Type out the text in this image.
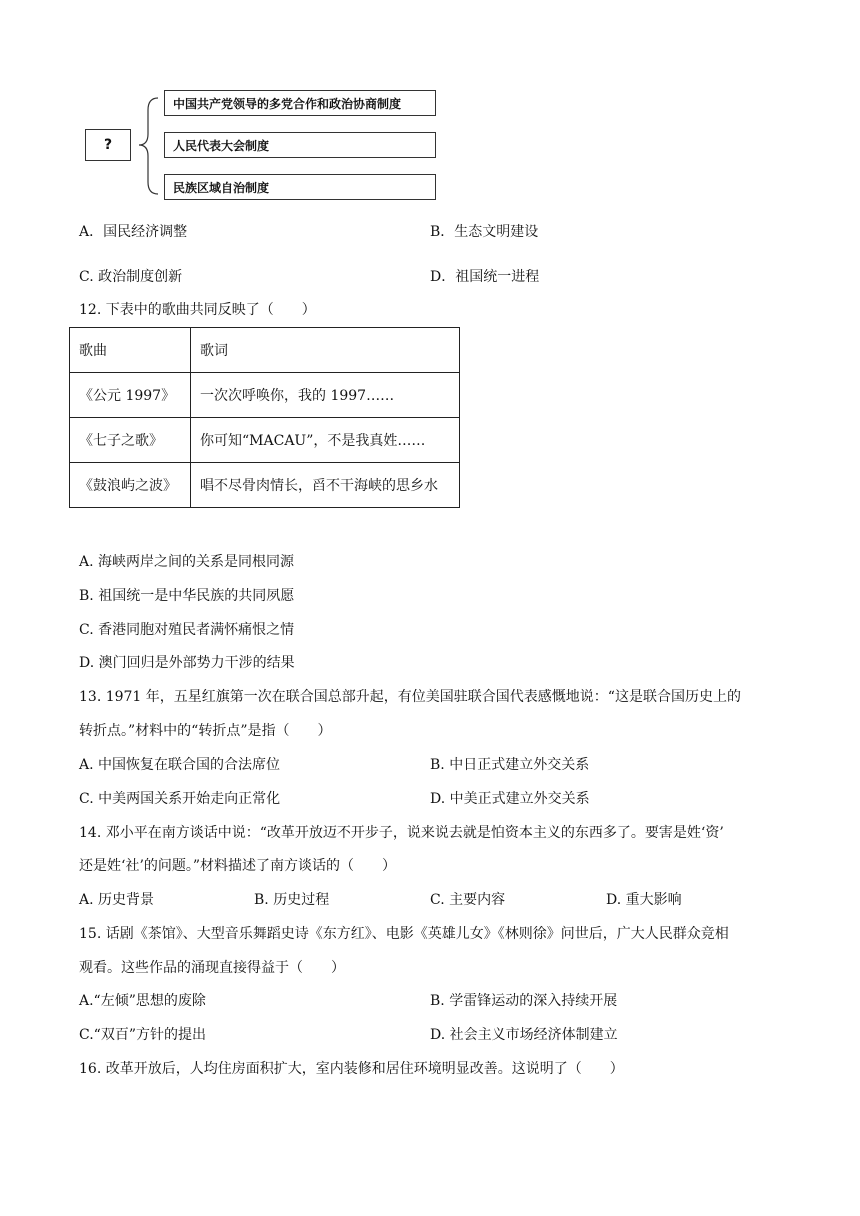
?
中国共产党领导的多党合作和政治协商制度
人民代表大会制度
民族区域自治制度
A．国民经济调整	B．生态文明建设
C. 政治制度创新	D．祖国统一进程
12. 下表中的歌曲共同反映了（　　）
歌曲	歌词
《公元 1997》	一次次呼唤你，我的 1997……
《七子之歌》	你可知“MACAU”，不是我真姓……
《鼓浪屿之波》	唱不尽骨肉情长，舀不干海峡的思乡水
A. 海峡两岸之间的关系是同根同源
B. 祖国统一是中华民族的共同夙愿
C. 香港同胞对殖民者满怀痛恨之情
D. 澳门回归是外部势力干涉的结果
13. 1971 年，五星红旗第一次在联合国总部升起，有位美国驻联合国代表感慨地说：“这是联合国历史上的
转折点。”材料中的“转折点”是指（　　）
A. 中国恢复在联合国的合法席位	B. 中日正式建立外交关系
C. 中美两国关系开始走向正常化	D. 中美正式建立外交关系
14. 邓小平在南方谈话中说：“改革开放迈不开步子，说来说去就是怕资本主义的东西多了。要害是姓‘资’
还是姓‘社’的问题。”材料描述了南方谈话的（　　）
A. 历史背景	B. 历史过程	C. 主要内容	D. 重大影响
15. 话剧《茶馆》、大型音乐舞蹈史诗《东方红》、电影《英雄儿女》《林则徐》问世后，广大人民群众竞相
观看。这些作品的涌现直接得益于（　　）
A.“左倾”思想的废除	B. 学雷锋运动的深入持续开展
C.“双百”方针的提出	D. 社会主义市场经济体制建立
16. 改革开放后，人均住房面积扩大，室内装修和居住环境明显改善。这说明了（　　）
